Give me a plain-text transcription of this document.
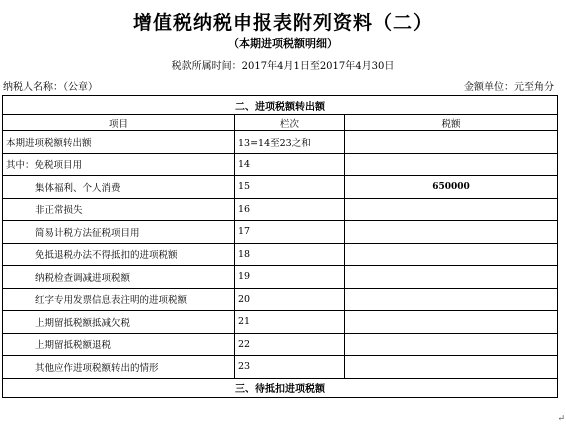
增值税纳税申报表附列资料（二）
（本期进项税额明细）
税款所属时间：2017年4月1日至2017年4月30日
纳税人名称：（公章）	金额单位：元至角分
二、进项税额转出额		
项目	栏次	税额
本期进项税额转出额	13=14至23之和	
其中：免税项目用	14	
集体福利、个人消费	15	650000
非正常损失	16	
简易计税方法征税项目用	17	
免抵退税办法不得抵扣的进项税额	18	
纳税检查调减进项税额	19	
红字专用发票信息表注明的进项税额	20	
上期留抵税额抵减欠税	21	
上期留抵税额退税	22	
其他应作进项税额转出的情形	23	
三、待抵扣进项税额		
↵
